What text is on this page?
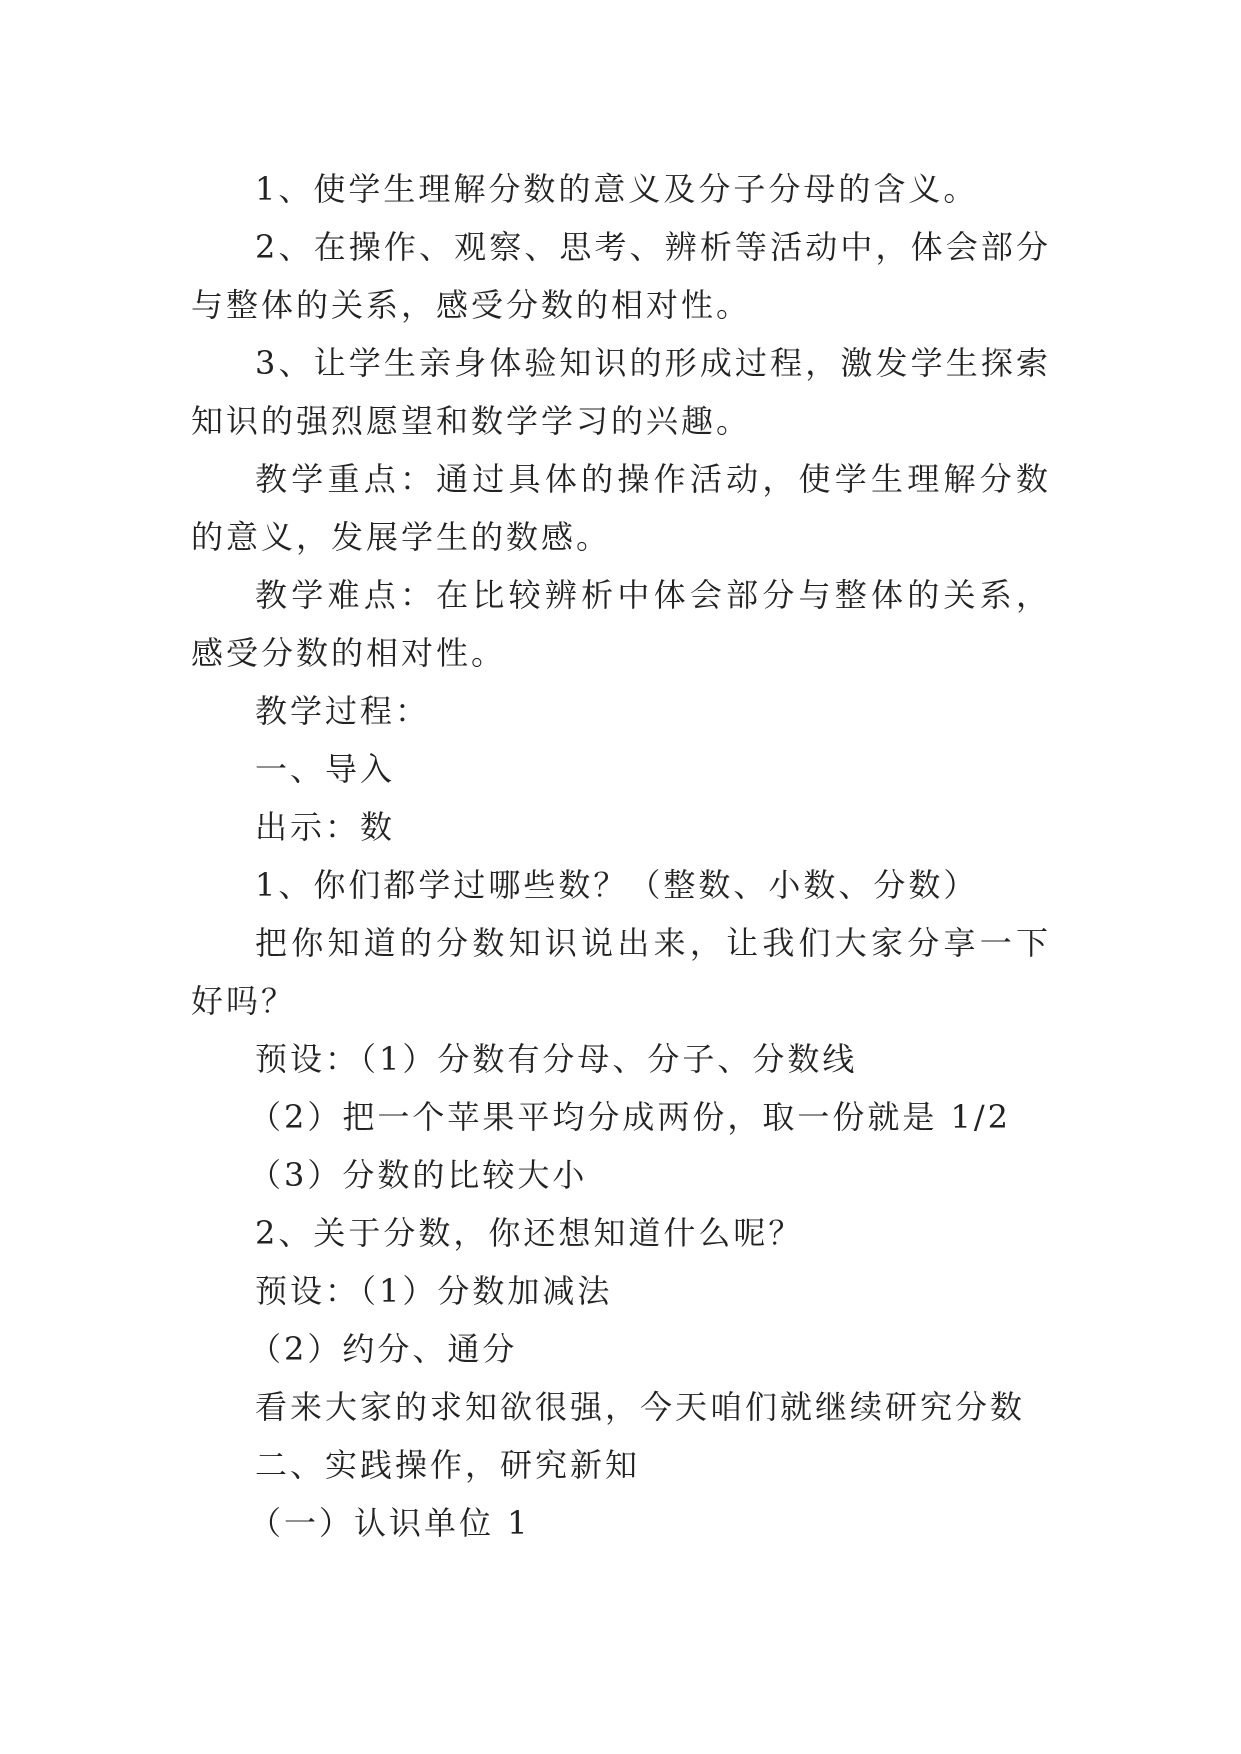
1、使学生理解分数的意义及分子分母的含义。

2、在操作、观察、思考、辨析等活动中，体会部分与整体的关系，感受分数的相对性。

3、让学生亲身体验知识的形成过程，激发学生探索知识的强烈愿望和数学学习的兴趣。

教学重点：通过具体的操作活动，使学生理解分数的意义，发展学生的数感。

教学难点：在比较辨析中体会部分与整体的关系，感受分数的相对性。

教学过程：

一、导入

出示：数

1、你们都学过哪些数？（整数、小数、分数）

把你知道的分数知识说出来，让我们大家分享一下好吗？

预设：（1）分数有分母、分子、分数线

（2）把一个苹果平均分成两份，取一份就是 1/2

（3）分数的比较大小

2、关于分数，你还想知道什么呢？

预设：（1）分数加减法

（2）约分、通分

看来大家的求知欲很强，今天咱们就继续研究分数

二、实践操作，研究新知

（一）认识单位 1
